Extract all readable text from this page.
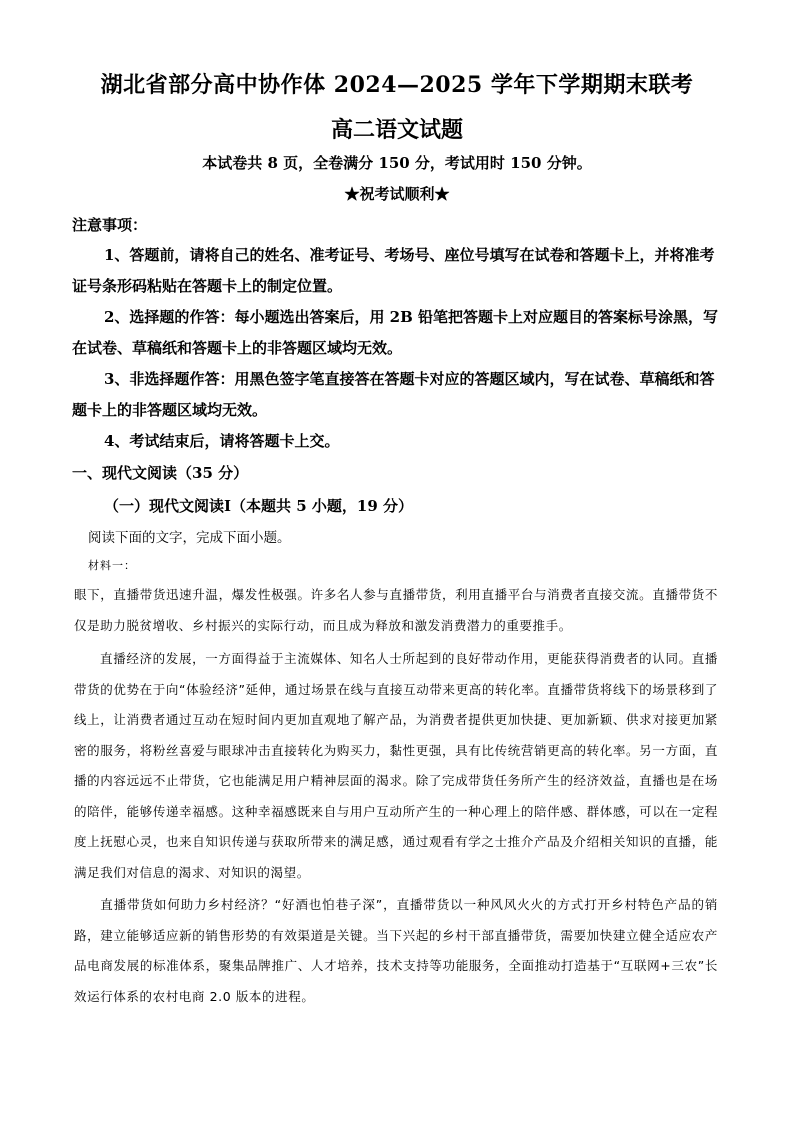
湖北省部分高中协作体 2024—2025 学年下学期期末联考
高二语文试题
本试卷共 8 页，全卷满分 150 分，考试用时 150 分钟。
★祝考试顺利★
注意事项：
1、答题前，请将自己的姓名、准考证号、考场号、座位号填写在试卷和答题卡上，并将准考证号条形码粘贴在答题卡上的制定位置。
2、选择题的作答：每小题选出答案后，用 2B 铅笔把答题卡上对应题目的答案标号涂黑，写在试卷、草稿纸和答题卡上的非答题区域均无效。
3、非选择题作答：用黑色签字笔直接答在答题卡对应的答题区域内，写在试卷、草稿纸和答题卡上的非答题区域均无效。
4、考试结束后，请将答题卡上交。
一、现代文阅读（35 分）
（一）现代文阅读Ⅰ（本题共 5 小题，19 分）
阅读下面的文字，完成下面小题。
材料一：
眼下，直播带货迅速升温，爆发性极强。许多名人参与直播带货，利用直播平台与消费者直接交流。直播带货不仅是助力脱贫增收、乡村振兴的实际行动，而且成为释放和激发消费潜力的重要推手。
直播经济的发展，一方面得益于主流媒体、知名人士所起到的良好带动作用，更能获得消费者的认同。直播带货的优势在于向“体验经济”延伸，通过场景在线与直接互动带来更高的转化率。直播带货将线下的场景移到了线上，让消费者通过互动在短时间内更加直观地了解产品，为消费者提供更加快捷、更加新颖、供求对接更加紧密的服务，将粉丝喜爱与眼球冲击直接转化为购买力，黏性更强，具有比传统营销更高的转化率。另一方面，直播的内容远远不止带货，它也能满足用户精神层面的渴求。除了完成带货任务所产生的经济效益，直播也是在场的陪伴，能够传递幸福感。这种幸福感既来自与用户互动所产生的一种心理上的陪伴感、群体感，可以在一定程度上抚慰心灵，也来自知识传递与获取所带来的满足感，通过观看有学之士推介产品及介绍相关知识的直播，能满足我们对信息的渴求、对知识的渴望。
直播带货如何助力乡村经济？“好酒也怕巷子深”，直播带货以一种风风火火的方式打开乡村特色产品的销路，建立能够适应新的销售形势的有效渠道是关键。当下兴起的乡村干部直播带货，需要加快建立健全适应农产品电商发展的标准体系，聚集品牌推广、人才培养，技术支持等功能服务，全面推动打造基于“互联网+三农”长效运行体系的农村电商 2.0 版本的进程。
